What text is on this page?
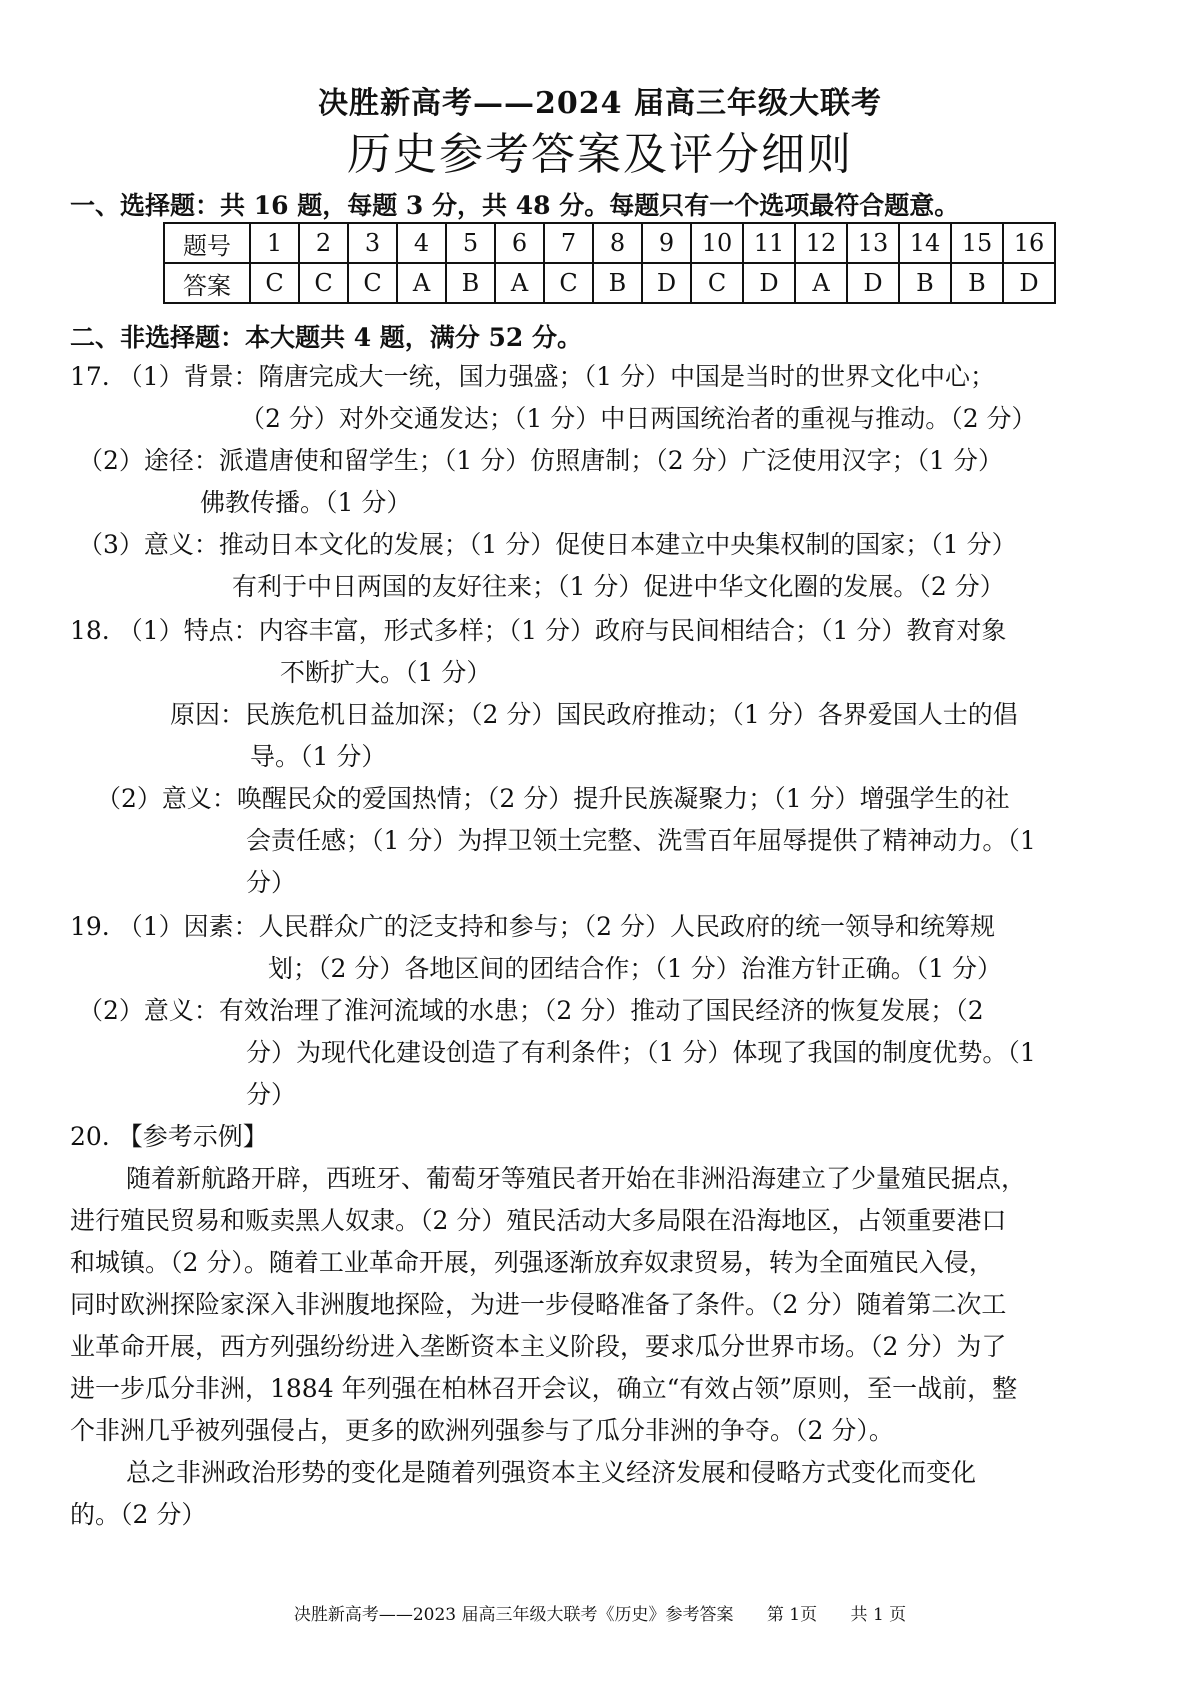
决胜新高考——2024 届高三年级大联考
历史参考答案及评分细则
一、选择题：共 16 题，每题 3 分，共 48 分。每题只有一个选项最符合题意。
题号	1	2	3	4	5	6	7	8	9	10	11	12	13	14	15	16
答案	C	C	C	A	B	A	C	B	D	C	D	A	D	B	B	D
二、非选择题：本大题共 4 题，满分 52 分。
17. （1）背景：隋唐完成大一统，国力强盛；（1 分）中国是当时的世界文化中心；
（2 分）对外交通发达；（1 分）中日两国统治者的重视与推动。（2 分）
（2）途径：派遣唐使和留学生；（1 分）仿照唐制；（2 分）广泛使用汉字；（1 分）
佛教传播。（1 分）
（3）意义：推动日本文化的发展；（1 分）促使日本建立中央集权制的国家；（1 分）
有利于中日两国的友好往来；（1 分）促进中华文化圈的发展。（2 分）
18. （1）特点：内容丰富，形式多样；（1 分）政府与民间相结合；（1 分）教育对象
不断扩大。（1 分）
原因：民族危机日益加深；（2 分）国民政府推动；（1 分）各界爱国人士的倡
导。（1 分）
（2）意义：唤醒民众的爱国热情；（2 分）提升民族凝聚力；（1 分）增强学生的社
会责任感；（1 分）为捍卫领土完整、洗雪百年屈辱提供了精神动力。（1
分）
19. （1）因素：人民群众广的泛支持和参与；（2 分）人民政府的统一领导和统筹规
划；（2 分）各地区间的团结合作；（1 分）治淮方针正确。（1 分）
（2）意义：有效治理了淮河流域的水患；（2 分）推动了国民经济的恢复发展；（2
分）为现代化建设创造了有利条件；（1 分）体现了我国的制度优势。（1
分）
20. 【参考示例】
随着新航路开辟，西班牙、葡萄牙等殖民者开始在非洲沿海建立了少量殖民据点，
进行殖民贸易和贩卖黑人奴隶。（2 分）殖民活动大多局限在沿海地区，占领重要港口
和城镇。（2 分）。随着工业革命开展，列强逐渐放弃奴隶贸易，转为全面殖民入侵，
同时欧洲探险家深入非洲腹地探险，为进一步侵略准备了条件。（2 分）随着第二次工
业革命开展，西方列强纷纷进入垄断资本主义阶段，要求瓜分世界市场。（2 分）为了
进一步瓜分非洲，1884 年列强在柏林召开会议，确立“有效占领”原则，至一战前，整
个非洲几乎被列强侵占，更多的欧洲列强参与了瓜分非洲的争夺。（2 分）。
总之非洲政治形势的变化是随着列强资本主义经济发展和侵略方式变化而变化
的。（2 分）
决胜新高考——2023 届高三年级大联考《历史》参考答案 第 1页 共 1 页
